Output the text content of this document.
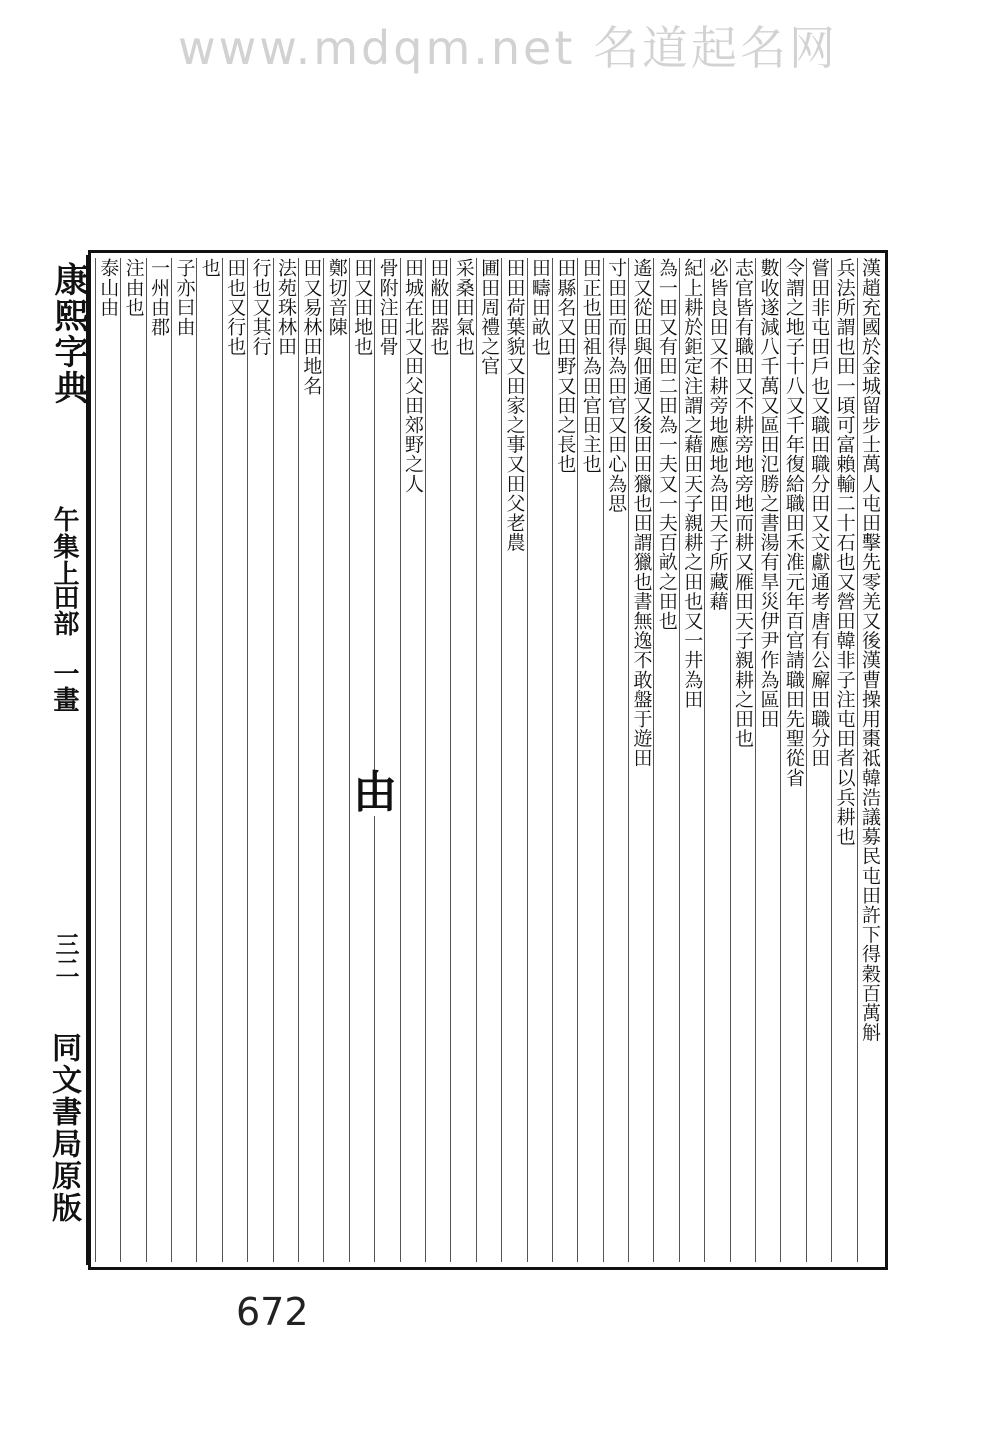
www.mdqm.net 名道起名网
康熙字典
午集上
田部
一畫
三二
同文書局原版
漢趙充國於金城留步士萬人屯田擊先零羌又後漢曹操用棗祗韓浩議募民屯田許下得穀百萬斛
兵法所謂也田一頃可富賴輸二十石也又營田韓非子注屯田者以兵耕也
嘗田非屯田戶也又職田職分田又文獻通考唐有公廨田職分田
令謂之地子十八又千年復給職田禾准元年百官請職田先聖從省
數收遂減八千萬又區田氾勝之書湯有旱災伊尹作為區田
志官皆有職田又不耕旁地旁地而耕又雁田天子親耕之田也
必皆良田又不耕旁地應地為田天子所藏藉
紀上耕於鉅定注謂之藉田天子親耕之田也又一井為田
為一田又有田二田為一夫又一夫百畝之田也
遙又從田與佃通又後田田獵也田謂獵也書無逸不敢盤于遊田
寸田田而得為田官又田心為思
田正也田祖為田官田主也
田縣名又田野又田之長也
田疇田畝也
田田荷葉貌又田家之事又田父老農
圃田周禮之官
采桑田氣也
田敝田器也
田城在北又田父田郊野之人
骨附注田骨
田又田地也
鄭切音陳
田又易林田地名
法苑珠林田
行也又其行
田也又行也
也
子亦曰由
一州由郡
注由也
泰山由
由
672
